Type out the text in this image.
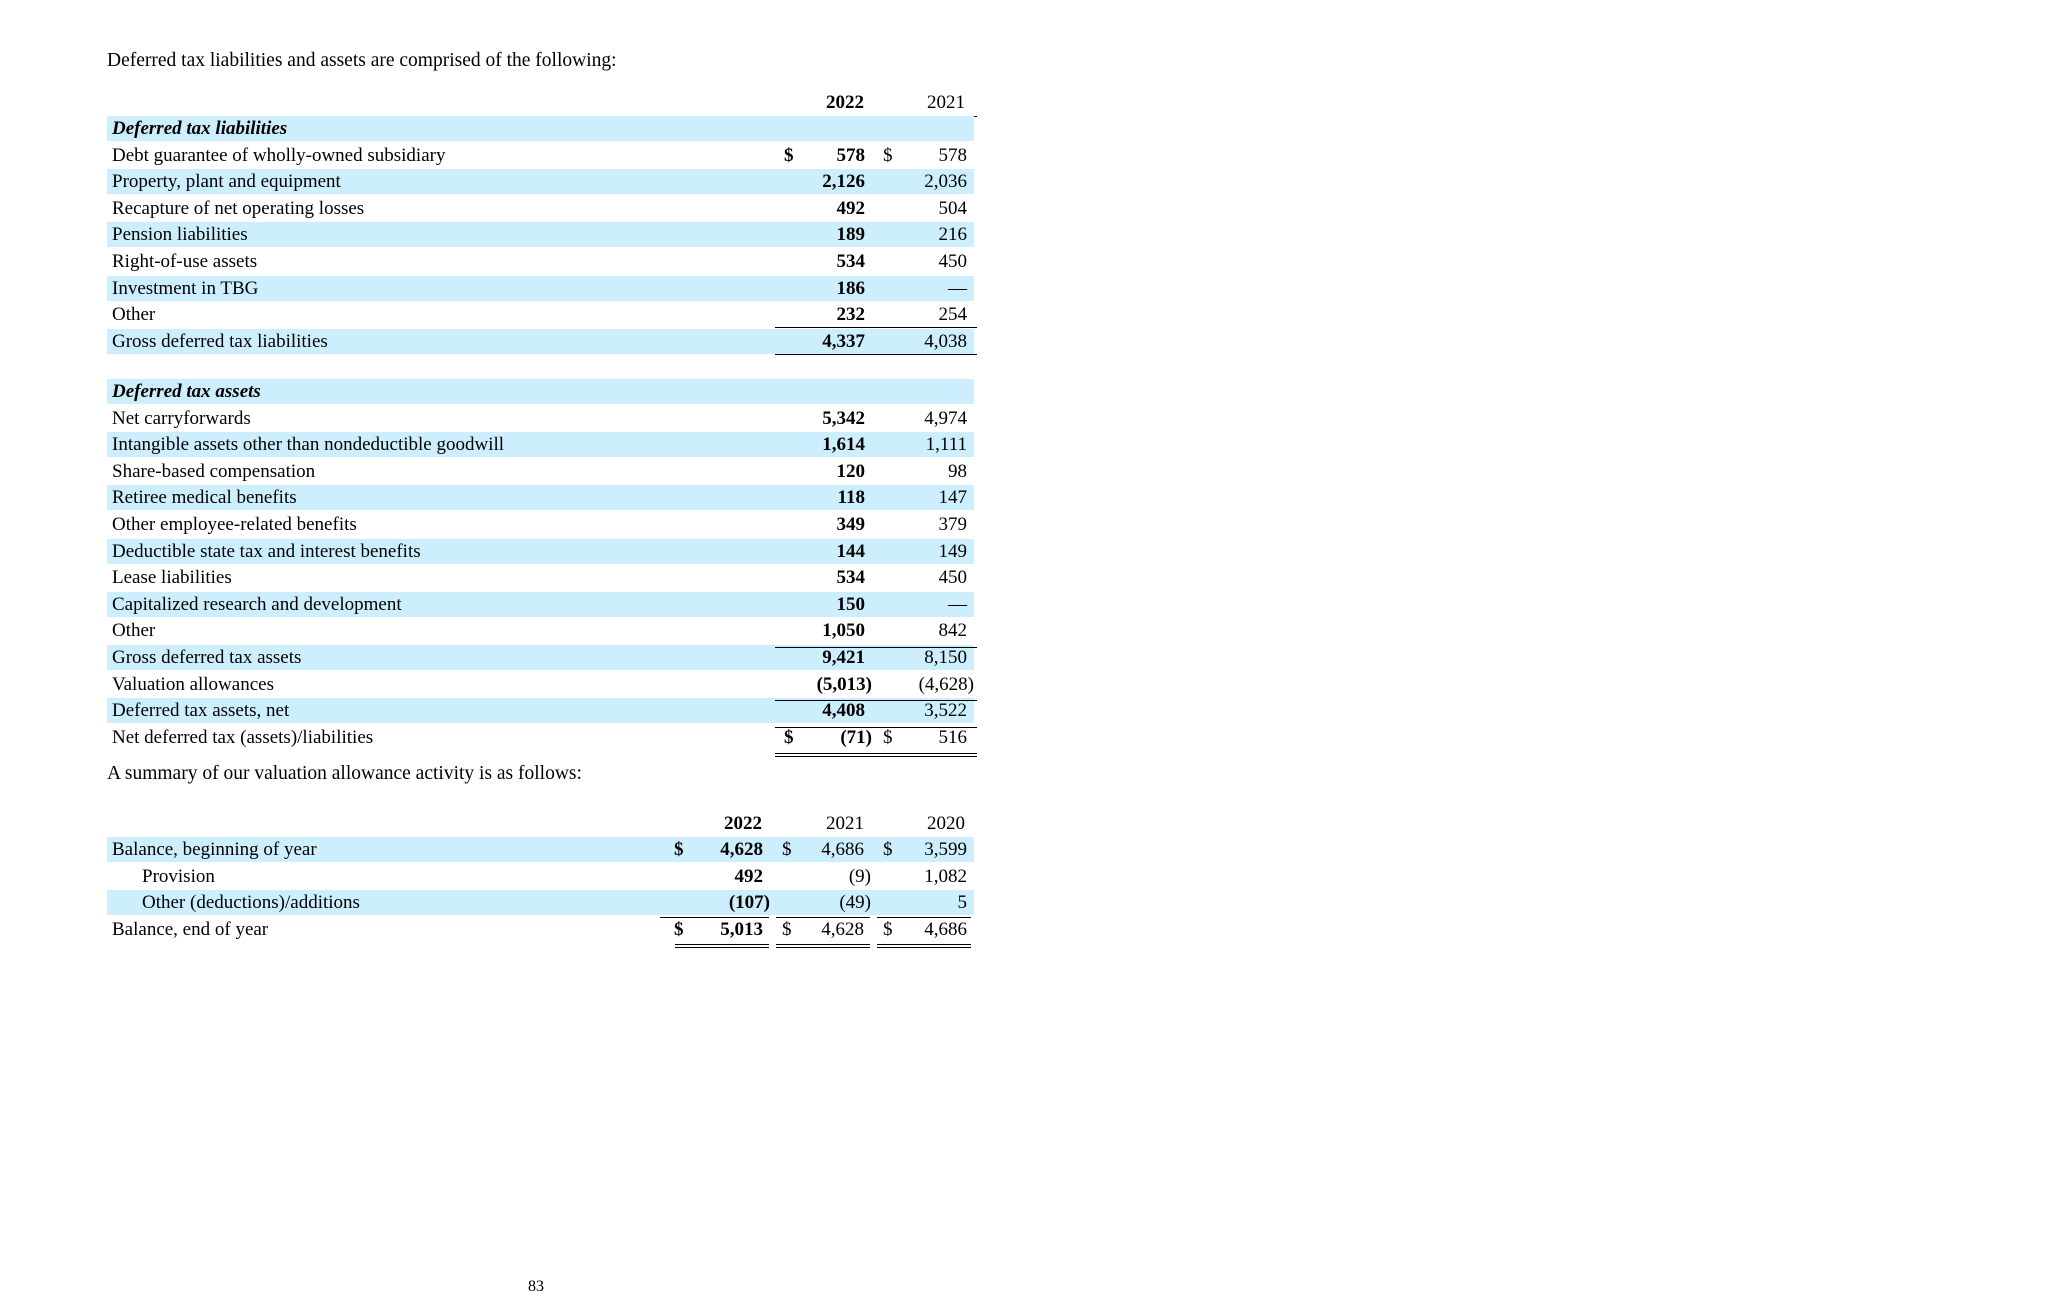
Deferred tax liabilities and assets are comprised of the following:
2022	2021
Deferred tax liabilities
Debt guarantee of wholly-owned subsidiary	578	578
$	$
Property, plant and equipment	2,126	2,036
Recapture of net operating losses	492	504
Pension liabilities	189	216
Right-of-use assets	534	450
Investment in TBG	186	—
Other	232	254
Gross deferred tax liabilities	4,337	4,038
Deferred tax assets
Net carryforwards	5,342	4,974
Intangible assets other than nondeductible goodwill	1,614	1,111
Share-based compensation	120	98
Retiree medical benefits	118	147
Other employee-related benefits	349	379
Deductible state tax and interest benefits	144	149
Lease liabilities	534	450
Capitalized research and development	150	—
Other	1,050	842
Gross deferred tax assets	9,421	8,150
Valuation allowances	(5,013) (4,628)
Deferred tax assets, net	4,408	3,522
Net deferred tax (assets)/liabilities	(71)	516
$	$
A summary of our valuation allowance activity is as follows:
2022	2021	2020
Balance, beginning of year	4,628	4,686	3,599
$	$	$
Provision	492	(9)	1,082
Other (deductions)/additions	(107)	(49)	5
Balance, end of year	5,013	4,628	4,686
$	$	$
83
